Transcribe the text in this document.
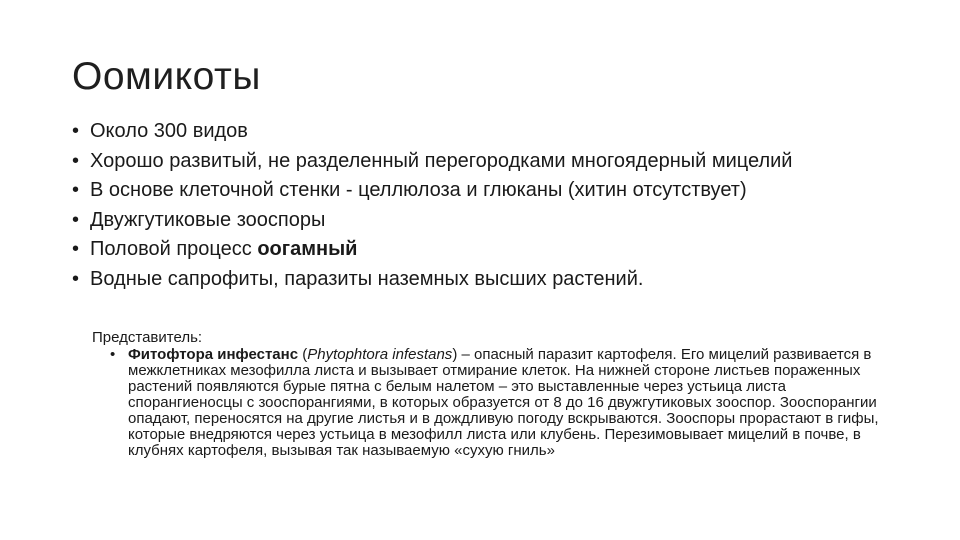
Оомикоты
• Около 300 видов
• Хорошо развитый, не разделенный перегородками многоядерный мицелий
• В основе клеточной стенки - целлюлоза и глюканы (хитин отсутствует)
• Двужгутиковые зооспоры
• Половой процесс оогамный
• Водные сапрофиты, паразиты наземных высших растений.

Представитель:

• Фитофтора инфестанс (Phytophtora infestans) – опасный паразит картофеля. Его мицелий развивается в межклетниках мезофилла листа и вызывает отмирание клеток. На нижней стороне листьев пораженных растений появляются бурые пятна с белым налетом – это выставленные через устьица листа спорангиеносцы с зооспорангиями, в которых образуется от 8 до 16 двужгутиковых зооспор. Зооспорангии опадают, переносятся на другие листья и в дождливую погоду вскрываются. Зооспоры прорастают в гифы, которые внедряются через устьица в мезофилл листа или клубень. Перезимовывает мицелий в почве, в клубнях картофеля, вызывая так называемую «сухую гниль»
